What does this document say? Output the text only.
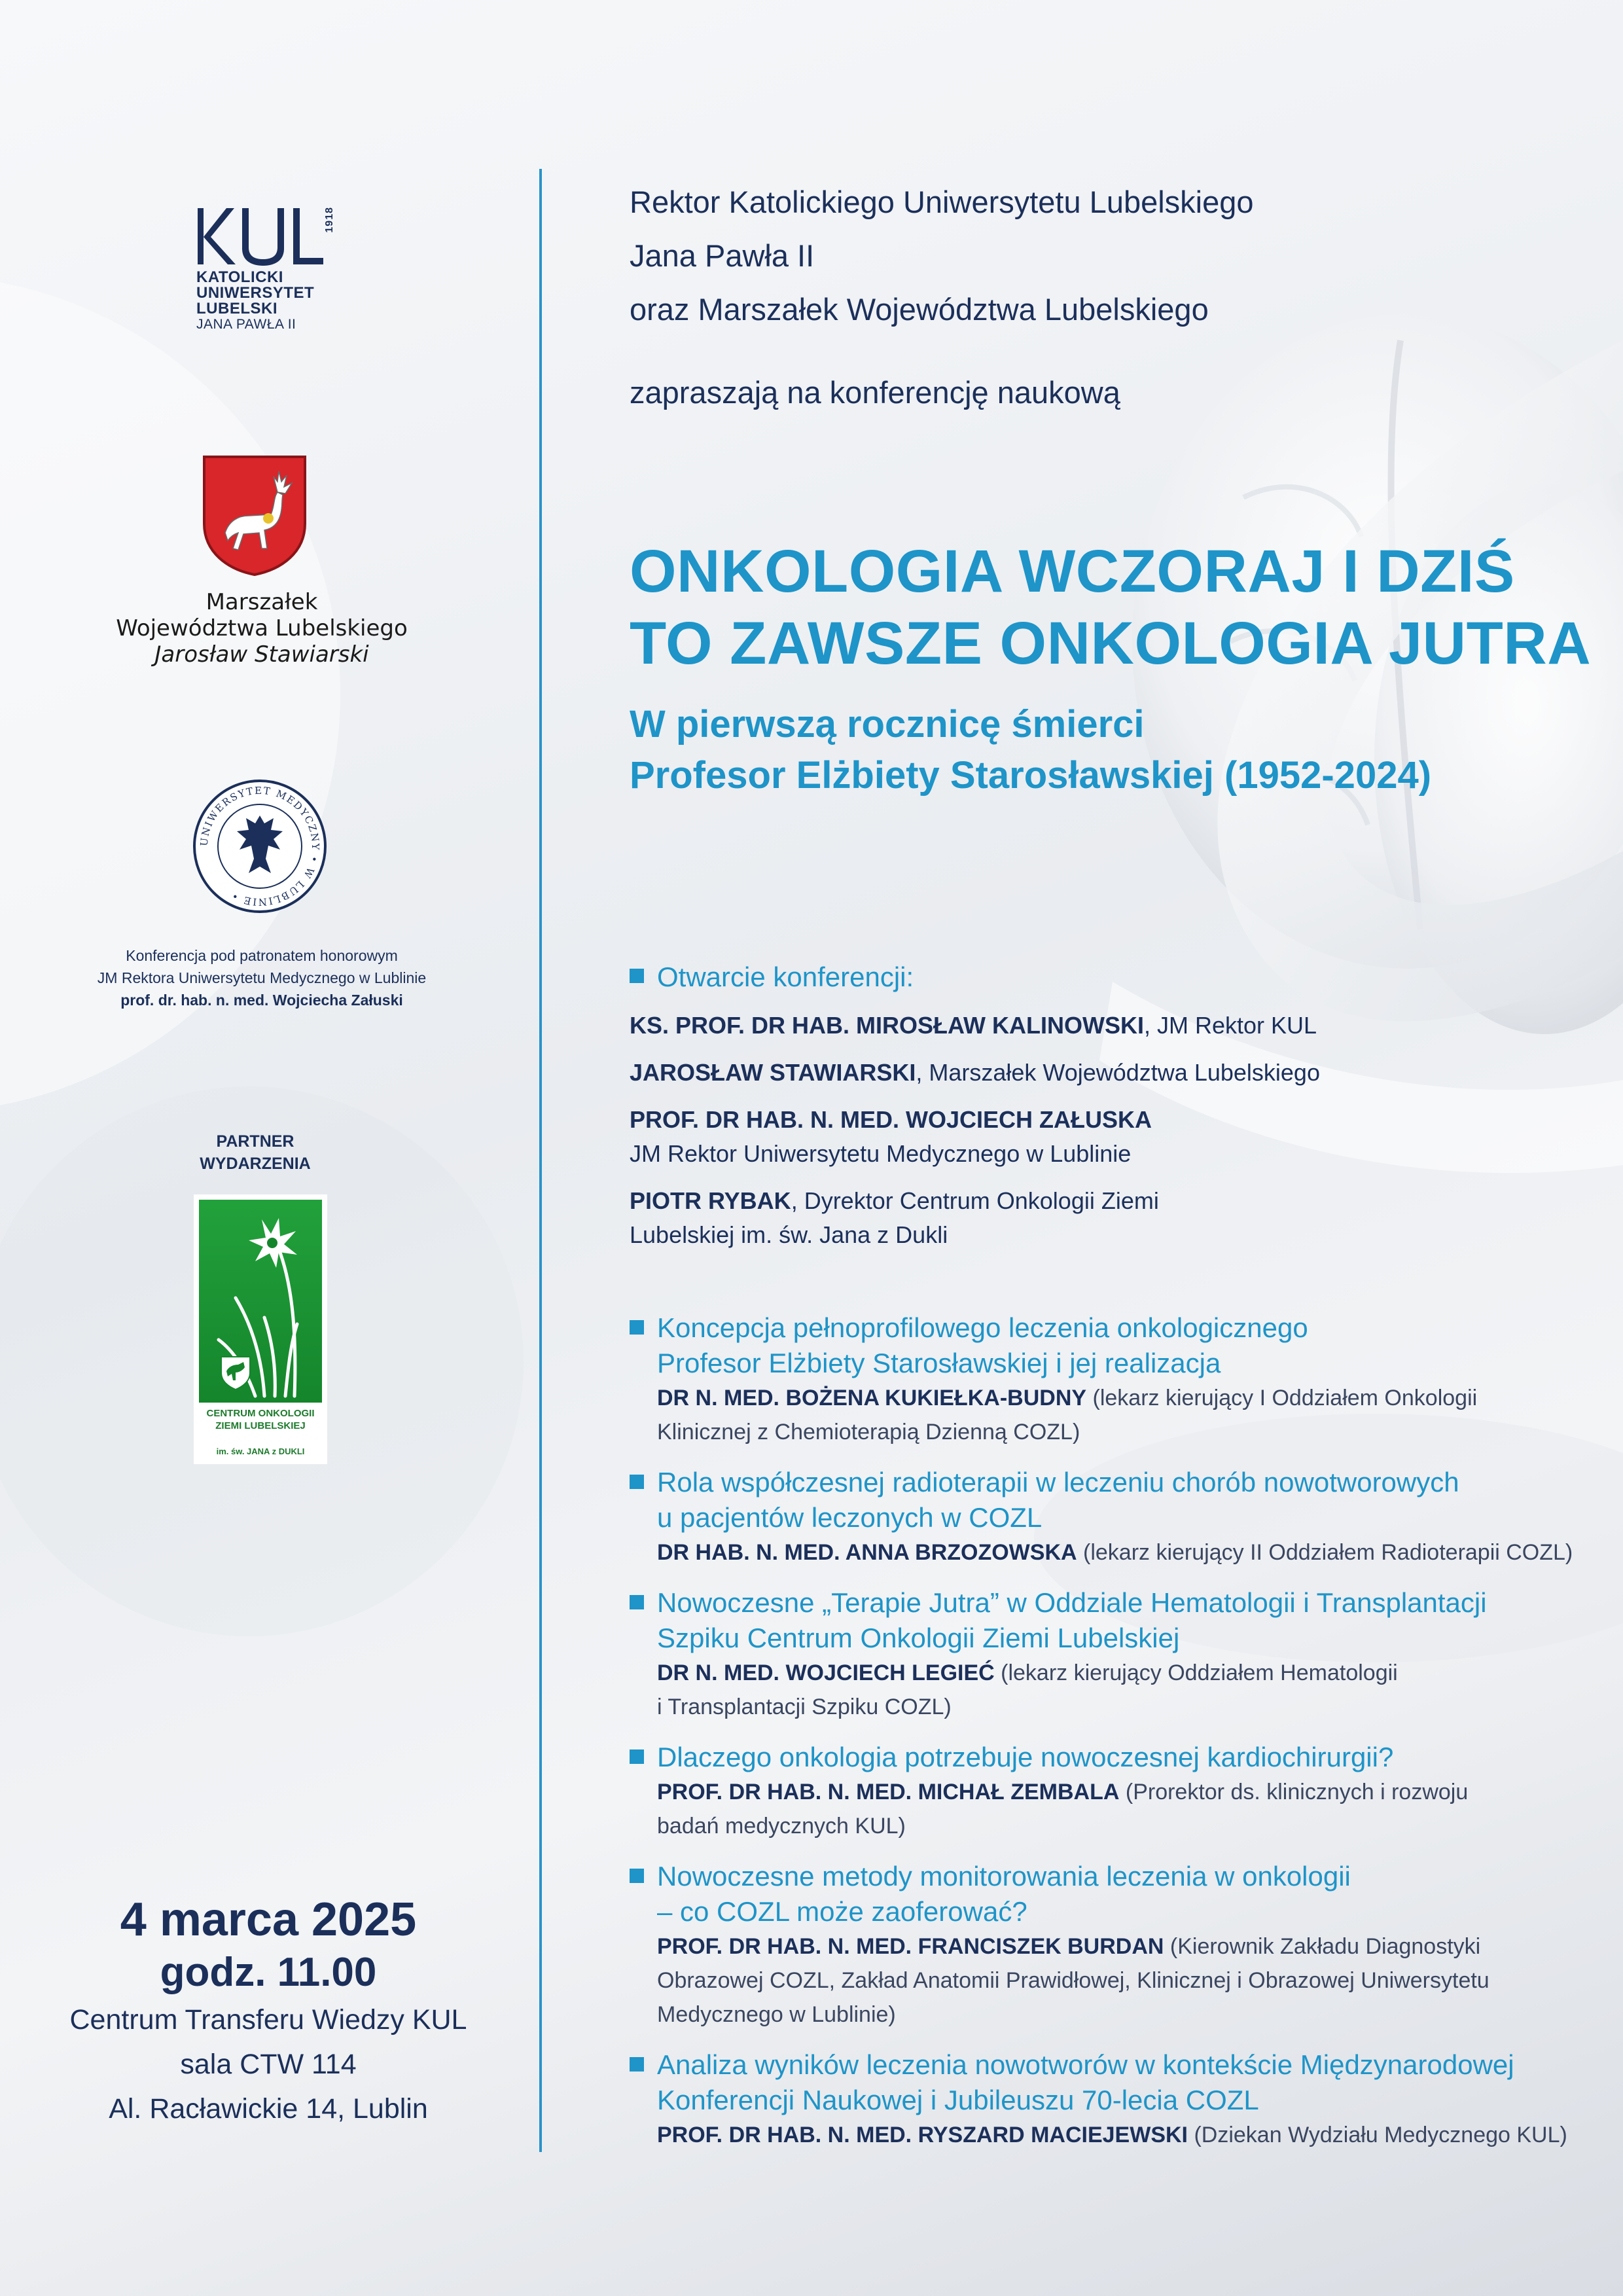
1918
KATOLICKI
UNIWERSYTET
LUBELSKI
JANA PAWŁA II
Marszałek
Województwa Lubelskiego
Jarosław Stawiarski
UNIWERSYTET MEDYCZNY • W LUBLINIE •
Konferencja pod patronatem honorowym
JM Rektora Uniwersytetu Medycznego w Lublinie
prof. dr. hab. n. med. Wojciecha Załuski
PARTNER
WYDARZENIA
CENTRUM ONKOLOGII
ZIEMI LUBELSKIEJ
im. św. JANA z DUKLI
4 marca 2025
godz. 11.00
Centrum Transferu Wiedzy KUL
sala CTW 114
Al. Racławickie 14, Lublin
Rektor Katolickiego Uniwersytetu Lubelskiego
Jana Pawła II
oraz Marszałek Województwa Lubelskiego
zapraszają na konferencję naukową
ONKOLOGIA WCZORAJ I DZIŚ
TO ZAWSZE ONKOLOGIA JUTRA
W pierwszą rocznicę śmierci
Profesor Elżbiety Starosławskiej (1952-2024)
Otwarcie konferencji:
KS. PROF. DR HAB. MIROSŁAW KALINOWSKI, JM Rektor KUL
JAROSŁAW STAWIARSKI, Marszałek Województwa Lubelskiego
PROF. DR HAB. N. MED. WOJCIECH ZAŁUSKA
JM Rektor Uniwersytetu Medycznego w Lublinie
PIOTR RYBAK, Dyrektor Centrum Onkologii Ziemi
Lubelskiej im. św. Jana z Dukli
Koncepcja pełnoprofilowego leczenia onkologicznego
Profesor Elżbiety Starosławskiej i jej realizacja
DR N. MED. BOŻENA KUKIEŁKA-BUDNY (lekarz kierujący I Oddziałem Onkologii
Klinicznej z Chemioterapią Dzienną COZL)
Rola współczesnej radioterapii w leczeniu chorób nowotworowych
u pacjentów leczonych w COZL
DR HAB. N. MED. ANNA BRZOZOWSKA (lekarz kierujący II Oddziałem Radioterapii COZL)
Nowoczesne „Terapie Jutra” w Oddziale Hematologii i Transplantacji
Szpiku Centrum Onkologii Ziemi Lubelskiej
DR N. MED. WOJCIECH LEGIEĆ (lekarz kierujący Oddziałem Hematologii
i Transplantacji Szpiku COZL)
Dlaczego onkologia potrzebuje nowoczesnej kardiochirurgii?
PROF. DR HAB. N. MED. MICHAŁ ZEMBALA (Prorektor ds. klinicznych i rozwoju
badań medycznych KUL)
Nowoczesne metody monitorowania leczenia w onkologii
– co COZL może zaoferować?
PROF. DR HAB. N. MED. FRANCISZEK BURDAN (Kierownik Zakładu Diagnostyki
Obrazowej COZL, Zakład Anatomii Prawidłowej, Klinicznej i Obrazowej Uniwersytetu
Medycznego w Lublinie)
Analiza wyników leczenia nowotworów w kontekście Międzynarodowej
Konferencji Naukowej i Jubileuszu 70-lecia COZL
PROF. DR HAB. N. MED. RYSZARD MACIEJEWSKI (Dziekan Wydziału Medycznego KUL)
